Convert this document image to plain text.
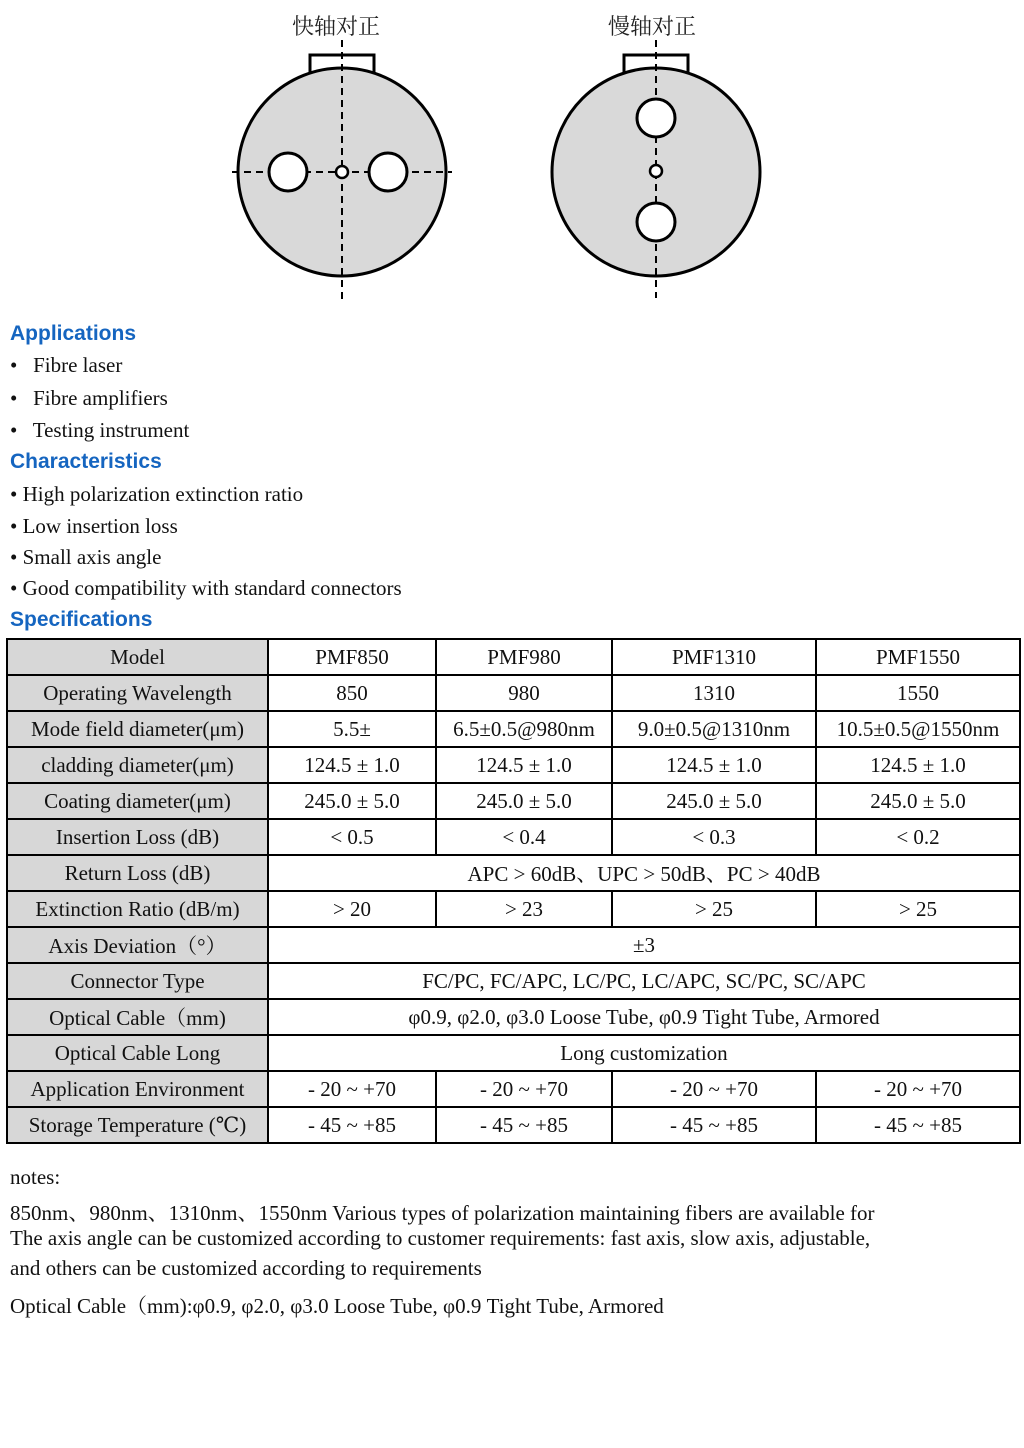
快轴对正	慢轴对正
Applications
•   Fibre laser
•   Fibre amplifiers
•   Testing instrument
Characteristics
• High polarization extinction ratio
• Low insertion loss
• Small axis angle
• Good compatibility with standard connectors
Specifications
Model	PMF850	PMF980	PMF1310	PMF1550
Operating Wavelength	850	980	1310	1550
Mode field diameter(μm)	5.5±	6.5±0.5@980nm	9.0±0.5@1310nm	10.5±0.5@1550nm
cladding diameter(μm)	124.5 ± 1.0	124.5 ± 1.0	124.5 ± 1.0	124.5 ± 1.0
Coating diameter(μm)	245.0 ± 5.0	245.0 ± 5.0	245.0 ± 5.0	245.0 ± 5.0
Insertion Loss (dB)	< 0.5	< 0.4	< 0.3	< 0.2
Return Loss (dB)	APC > 60dB、UPC > 50dB、PC > 40dB			
Extinction Ratio (dB/m)	> 20	> 23	> 25	> 25
Axis Deviation（°）	±3			
Connector Type	FC/PC, FC/APC, LC/PC, LC/APC, SC/PC, SC/APC			
Optical Cable（mm)	φ0.9, φ2.0, φ3.0 Loose Tube, φ0.9 Tight Tube, Armored			
Optical Cable Long	Long customization			
Application Environment	- 20 ~ +70	- 20 ~ +70	- 20 ~ +70	- 20 ~ +70
Storage Temperature (℃)	- 45 ~ +85	- 45 ~ +85	- 45 ~ +85	- 45 ~ +85
notes:
850nm、980nm、1310nm、1550nm Various types of polarization maintaining fibers are available for
The axis angle can be customized according to customer requirements: fast axis, slow axis, adjustable,
and others can be customized according to requirements
Optical Cable（mm):φ0.9, φ2.0, φ3.0 Loose Tube, φ0.9 Tight Tube, Armored
